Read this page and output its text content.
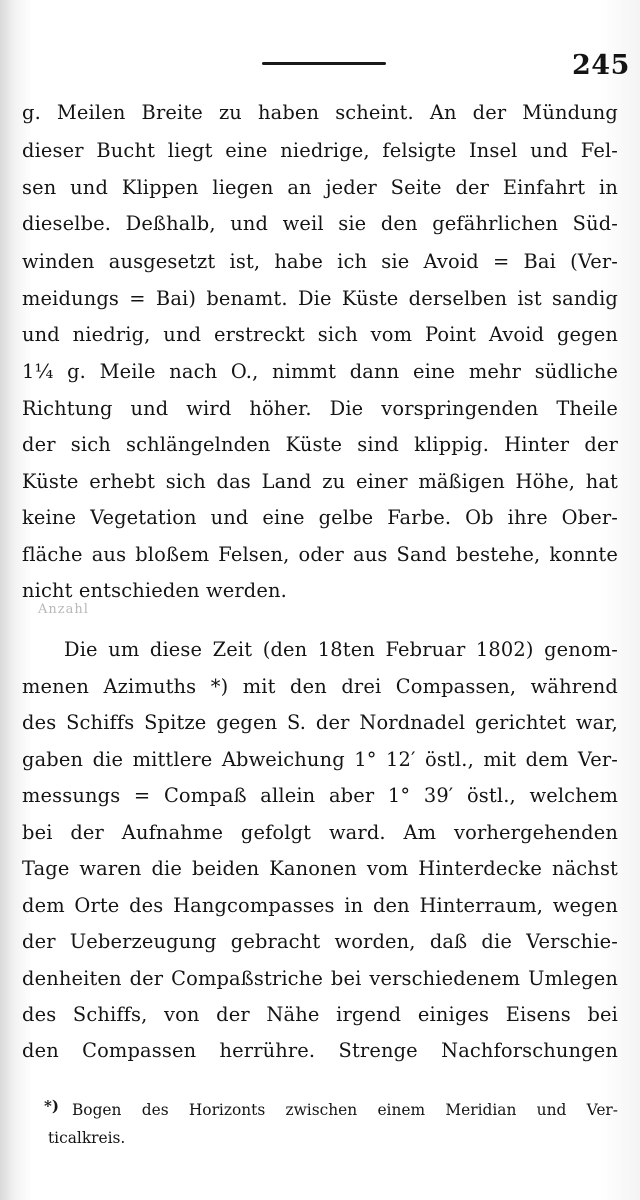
245
g. Meilen Breite zu haben scheint. An der Mündung
dieser Bucht liegt eine niedrige, felsigte Insel und Fel-
sen und Klippen liegen an jeder Seite der Einfahrt in
dieselbe. Deßhalb, und weil sie den gefährlichen Süd-
winden ausgesetzt ist, habe ich sie Avoid = Bai (Ver-
meidungs = Bai) benamt. Die Küste derselben ist sandig
und niedrig, und erstreckt sich vom Point Avoid gegen
1¼ g. Meile nach O., nimmt dann eine mehr südliche
Richtung und wird höher. Die vorspringenden Theile
der sich schlängelnden Küste sind klippig. Hinter der
Küste erhebt sich das Land zu einer mäßigen Höhe, hat
keine Vegetation und eine gelbe Farbe. Ob ihre Ober-
fläche aus bloßem Felsen, oder aus Sand bestehe, konnte
nicht entschieden werden.
Anzahl
Die um diese Zeit (den 18ten Februar 1802) genom-
menen Azimuths *) mit den drei Compassen, während
des Schiffs Spitze gegen S. der Nordnadel gerichtet war,
gaben die mittlere Abweichung 1° 12′ östl., mit dem Ver-
messungs = Compaß allein aber 1° 39′ östl., welchem
bei der Aufnahme gefolgt ward. Am vorhergehenden
Tage waren die beiden Kanonen vom Hinterdecke nächst
dem Orte des Hangcompasses in den Hinterraum, wegen
der Ueberzeugung gebracht worden, daß die Verschie-
denheiten der Compaßstriche bei verschiedenem Umlegen
des Schiffs, von der Nähe irgend einiges Eisens bei
den Compassen herrühre. Strenge Nachforschungen
*) Bogen des Horizonts zwischen einem Meridian und Ver-
ticalkreis.
